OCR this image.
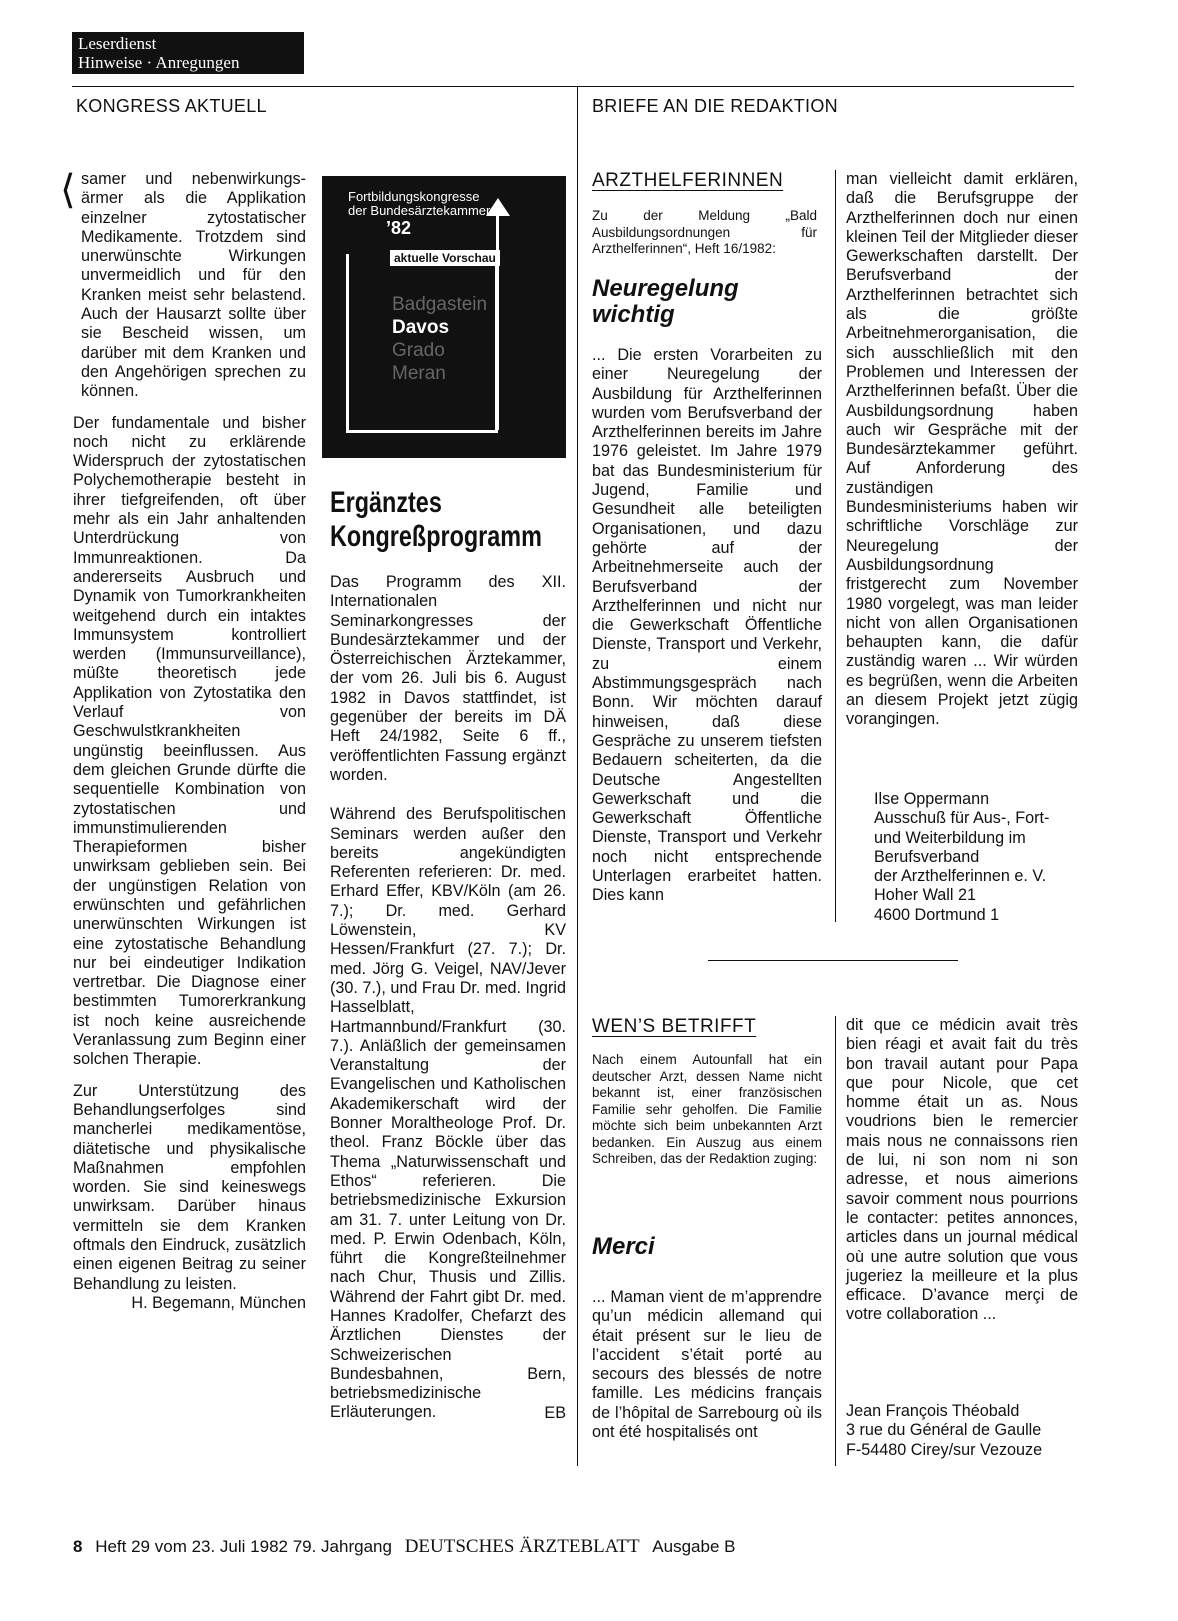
Leserdienst
Hinweise · Anregungen
KONGRESS AKTUELL	BRIEFE AN DIE REDAKTION
⟨ samer und nebenwirkungs-ärmer als die Applikation einzelner zytostatischer Medikamente. Trotzdem sind unerwünschte Wirkungen unvermeidlich und für den Kranken meist sehr belastend. Auch der Hausarzt sollte über sie Bescheid wissen, um darüber mit dem Kranken und den Angehörigen sprechen zu können.

Der fundamentale und bisher noch nicht zu erklärende Widerspruch der zytostatischen Polychemotherapie besteht in ihrer tiefgreifenden, oft über mehr als ein Jahr anhaltenden Unterdrückung von Immunreaktionen. Da andererseits Ausbruch und Dynamik von Tumorkrankheiten weitgehend durch ein intaktes Immunsystem kontrolliert werden (Immunsurveillance), müßte theoretisch jede Applikation von Zytostatika den Verlauf von Geschwulstkrankheiten ungünstig beeinflussen. Aus dem gleichen Grunde dürfte die sequentielle Kombination von zytostatischen und immunstimulierenden Therapieformen bisher unwirksam geblieben sein. Bei der ungünstigen Relation von erwünschten und gefährlichen unerwünschten Wirkungen ist eine zytostatische Behandlung nur bei eindeutiger Indikation vertretbar. Die Diagnose einer bestimmten Tumorerkrankung ist noch keine ausreichende Veranlassung zum Beginn einer solchen Therapie.

Zur Unterstützung des Behandlungserfolges sind mancherlei medikamentöse, diätetische und physikalische Maßnahmen empfohlen worden. Sie sind keineswegs unwirksam. Darüber hinaus vermitteln sie dem Kranken oftmals den Eindruck, zusätzlich einen eigenen Beitrag zu seiner Behandlung zu leisten.

H. Begemann, München
Fortbildungskongresse der Bundesärztekammer
’82
aktuelle Vorschau
Badgastein
Davos
Grado
Meran
Ergänztes
Kongreßprogramm

Das Programm des XII. Internationalen Seminarkongresses der Bundesärztekammer und der Österreichischen Ärztekammer, der vom 26. Juli bis 6. August 1982 in Davos stattfindet, ist gegenüber der bereits im DÄ Heft 24/1982, Seite 6 ff., veröffentlichten Fassung ergänzt worden.

Während des Berufspolitischen Seminars werden außer den bereits angekündigten Referenten referieren: Dr. med. Erhard Effer, KBV/Köln (am 26. 7.); Dr. med. Gerhard Löwenstein, KV Hessen/Frankfurt (27. 7.); Dr. med. Jörg G. Veigel, NAV/Jever (30. 7.), und Frau Dr. med. Ingrid Hasselblatt, Hartmannbund/Frankfurt (30. 7.). Anläßlich der gemeinsamen Veranstaltung der Evangelischen und Katholischen Akademikerschaft wird der Bonner Moraltheologe Prof. Dr. theol. Franz Böckle über das Thema „Naturwissenschaft und Ethos“ referieren. Die betriebsmedizinische Exkursion am 31. 7. unter Leitung von Dr. med. P. Erwin Odenbach, Köln, führt die Kongreßteilnehmer nach Chur, Thusis und Zillis. Während der Fahrt gibt Dr. med. Hannes Kradolfer, Chefarzt des Ärztlichen Dienstes der Schweizerischen Bundesbahnen, Bern, betriebsmedizinische Erläuterungen.	EB
ARZTHELFERINNEN
Zu der Meldung „Bald Ausbildungsordnungen für Arzthelferinnen“, Heft 16/1982:
Neuregelung
wichtig
... Die ersten Vorarbeiten zu einer Neuregelung der Ausbildung für Arzthelferinnen wurden vom Berufsverband der Arzthelferinnen bereits im Jahre 1976 geleistet. Im Jahre 1979 bat das Bundesministerium für Jugend, Familie und Gesundheit alle beteiligten Organisationen, und dazu gehörte auf der Arbeitnehmerseite auch der Berufsverband der Arzthelferinnen und nicht nur die Gewerkschaft Öffentliche Dienste, Transport und Verkehr, zu einem Abstimmungsgespräch nach Bonn. Wir möchten darauf hinweisen, daß diese Gespräche zu unserem tiefsten Bedauern scheiterten, da die Deutsche Angestellten Gewerkschaft und die Gewerkschaft Öffentliche Dienste, Transport und Verkehr noch nicht entsprechende Unterlagen erarbeitet hatten. Dies kann
man vielleicht damit erklären, daß die Berufsgruppe der Arzthelferinnen doch nur einen kleinen Teil der Mitglieder dieser Gewerkschaften darstellt. Der Berufsverband der Arzthelferinnen betrachtet sich als die größte Arbeitnehmerorganisation, die sich ausschließlich mit den Problemen und Interessen der Arzthelferinnen befaßt. Über die Ausbildungsordnung haben auch wir Gespräche mit der Bundesärztekammer geführt. Auf Anforderung des zuständigen Bundesministeriums haben wir schriftliche Vorschläge zur Neuregelung der Ausbildungsordnung fristgerecht zum November 1980 vorgelegt, was man leider nicht von allen Organisationen behaupten kann, die dafür zuständig waren ... Wir würden es begrüßen, wenn die Arbeiten an diesem Projekt jetzt zügig vorangingen.
Ilse Oppermann
Ausschuß für Aus-, Fort-
und Weiterbildung im
Berufsverband
der Arzthelferinnen e. V.
Hoher Wall 21
4600 Dortmund 1
WEN’S BETRIFFT
Nach einem Autounfall hat ein deutscher Arzt, dessen Name nicht bekannt ist, einer französischen Familie sehr geholfen. Die Familie möchte sich beim unbekannten Arzt bedanken. Ein Auszug aus einem Schreiben, das der Redaktion zuging:
Merci
... Maman vient de m’apprendre qu’un médicin allemand qui était présent sur le lieu de l’accident s’était porté au secours des blessés de notre famille. Les médicins français de l’hôpital de Sarrebourg où ils ont été hospitalisés ont
dit que ce médicin avait très bien réagi et avait fait du très bon travail autant pour Papa que pour Nicole, que cet homme était un as. Nous voudrions bien le remercier mais nous ne connaissons rien de lui, ni son nom ni son adresse, et nous aimerions savoir comment nous pourrions le contacter: petites annonces, articles dans un journal médical où une autre solution que vous jugeriez la meilleure et la plus efficace. D’avance merçi de votre collaboration ...
Jean François Théobald
3 rue du Général de Gaulle
F-54480 Cirey/sur Vezouze
8 Heft 29 vom 23. Juli 1982 79. Jahrgang DEUTSCHES ÄRZTEBLATT Ausgabe B
